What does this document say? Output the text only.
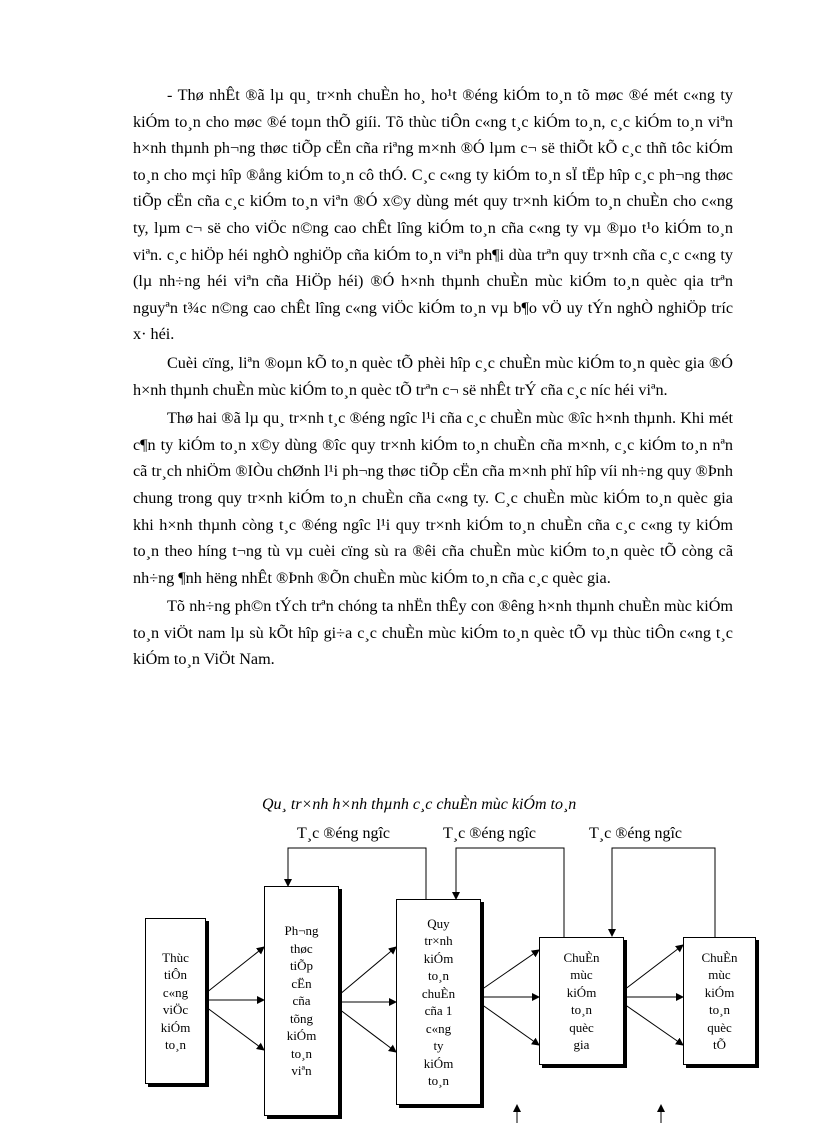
- Thø nhÊt ®ã lµ qu¸ tr×nh chuÈn ho¸ ho¹t ®éng kiÓm to¸n tõ møc ®é mét c«ng ty kiÓm to¸n cho møc ®é toµn thÕ giíi. Tõ thùc tiÔn c«ng t¸c kiÓm to¸n, c¸c kiÓm to¸n viªn h×nh thµnh ph¬ng thøc tiÕp cËn cña riªng m×nh ®Ó lµm c¬ së thiÕt kÕ c¸c thñ tôc kiÓm to¸n cho mçi hîp ®ång kiÓm to¸n cô thÓ. C¸c c«ng ty kiÓm to¸n sÏ tËp hîp c¸c ph¬ng thøc tiÕp cËn cña c¸c kiÓm to¸n viªn ®Ó x©y dùng mét quy tr×nh kiÓm to¸n chuÈn cho c«ng ty, lµm c¬ së cho viÖc n©ng cao chÊt lîng kiÓm to¸n cña c«ng ty vµ ®µo t¹o kiÓm to¸n viªn. c¸c hiÖp héi nghÒ nghiÖp cña kiÓm to¸n viªn ph¶i dùa trªn quy tr×nh cña c¸c c«ng ty (lµ nh÷ng héi viªn cña HiÖp héi) ®Ó h×nh thµnh chuÈn mùc kiÓm to¸n quèc qia trªn nguyªn t¾c n©ng cao chÊt lîng c«ng viÖc kiÓm to¸n vµ b¶o vÖ uy tÝn nghÒ nghiÖp tríc x· héi.

Cuèi cïng, liªn ®oµn kÕ to¸n quèc tÕ phèi hîp c¸c chuÈn mùc kiÓm to¸n quèc gia ®Ó h×nh thµnh chuÈn mùc kiÓm to¸n quèc tÕ trªn c¬ së nhÊt trÝ cña c¸c níc héi viªn.

Thø hai ®ã lµ qu¸ tr×nh t¸c ®éng ngîc l¹i cña c¸c chuÈn mùc ®îc h×nh thµnh. Khi mét c¶n ty kiÓm to¸n x©y dùng ®îc quy tr×nh kiÓm to¸n chuÈn cña m×nh, c¸c kiÓm to¸n nªn cã tr¸ch nhiÖm ®IÒu chØnh l¹i ph¬ng thøc tiÕp cËn cña m×nh phï hîp víi nh÷ng quy ®Þnh chung trong quy tr×nh kiÓm to¸n chuÈn cña c«ng ty. C¸c chuÈn mùc kiÓm to¸n quèc gia khi h×nh thµnh còng t¸c ®éng ngîc l¹i quy tr×nh kiÓm to¸n chuÈn cña c¸c c«ng ty kiÓm to¸n theo híng t¬ng tù vµ cuèi cïng sù ra ®êi cña chuÈn mùc kiÓm to¸n quèc tÕ còng cã nh÷ng ¶nh hëng nhÊt ®Þnh ®Õn chuÈn mùc kiÓm to¸n cña c¸c quèc gia.

Tõ nh÷ng ph©n tÝch trªn chóng ta nhËn thÊy con ®êng h×nh thµnh chuÈn mùc kiÓm to¸n viÖt nam lµ sù kÕt hîp gi÷a c¸c chuÈn mùc kiÓm to¸n quèc tÕ vµ thùc tiÔn c«ng t¸c kiÓm to¸n ViÖt Nam.

Qu¸ tr×nh h×nh thµnh c¸c chuÈn mùc kiÓm to¸n
T¸c ®éng ngîc	T¸c ®éng ngîc	T¸c ®éng ngîc
Thùc
tiÔn
c«ng
viÖc
kiÓm
to¸n
Ph¬ng
thøc
tiÕp
cËn
cña
tõng
kiÓm
to¸n
viªn
Quy
tr×nh
kiÓm
to¸n
chuÈn
cña 1
c«ng
ty
kiÓm
to¸n
ChuÈn
mùc
kiÓm
to¸n
quèc
gia
ChuÈn
mùc
kiÓm
to¸n
quèc
tÕ
